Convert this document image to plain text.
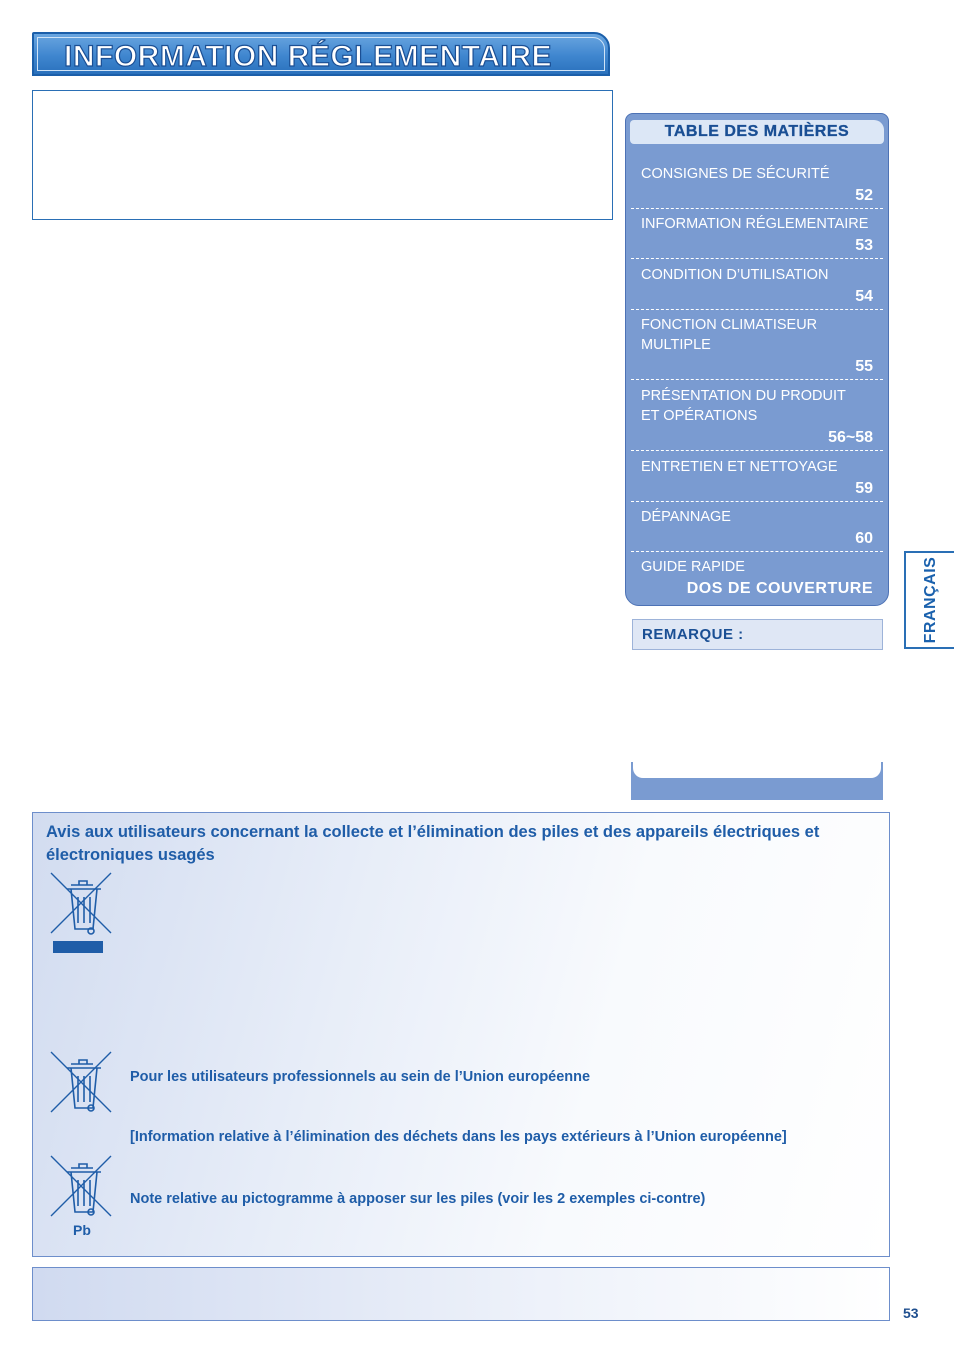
INFORMATION RÉGLEMENTAIRE
TABLE DES MATIÈRES
CONSIGNES DE SÉCURITÉ
52
INFORMATION RÉGLEMENTAIRE
53
CONDITION D’UTILISATION
54
FONCTION CLIMATISEUR MULTIPLE
55
PRÉSENTATION DU PRODUIT ET OPÉRATIONS
56~58
ENTRETIEN ET NETTOYAGE
59
DÉPANNAGE
60
GUIDE RAPIDE
DOS DE COUVERTURE
REMARQUE :	FRANÇAIS
Avis aux utilisateurs concernant la collecte et l’élimination des piles et des appareils électriques et électroniques usagés
Pb
Pour les utilisateurs professionnels au sein de l’Union européenne
[Information relative à l’élimination des déchets dans les pays extérieurs à l’Union européenne]
Note relative au pictogramme à apposer sur les piles (voir les 2 exemples ci-contre)
53
